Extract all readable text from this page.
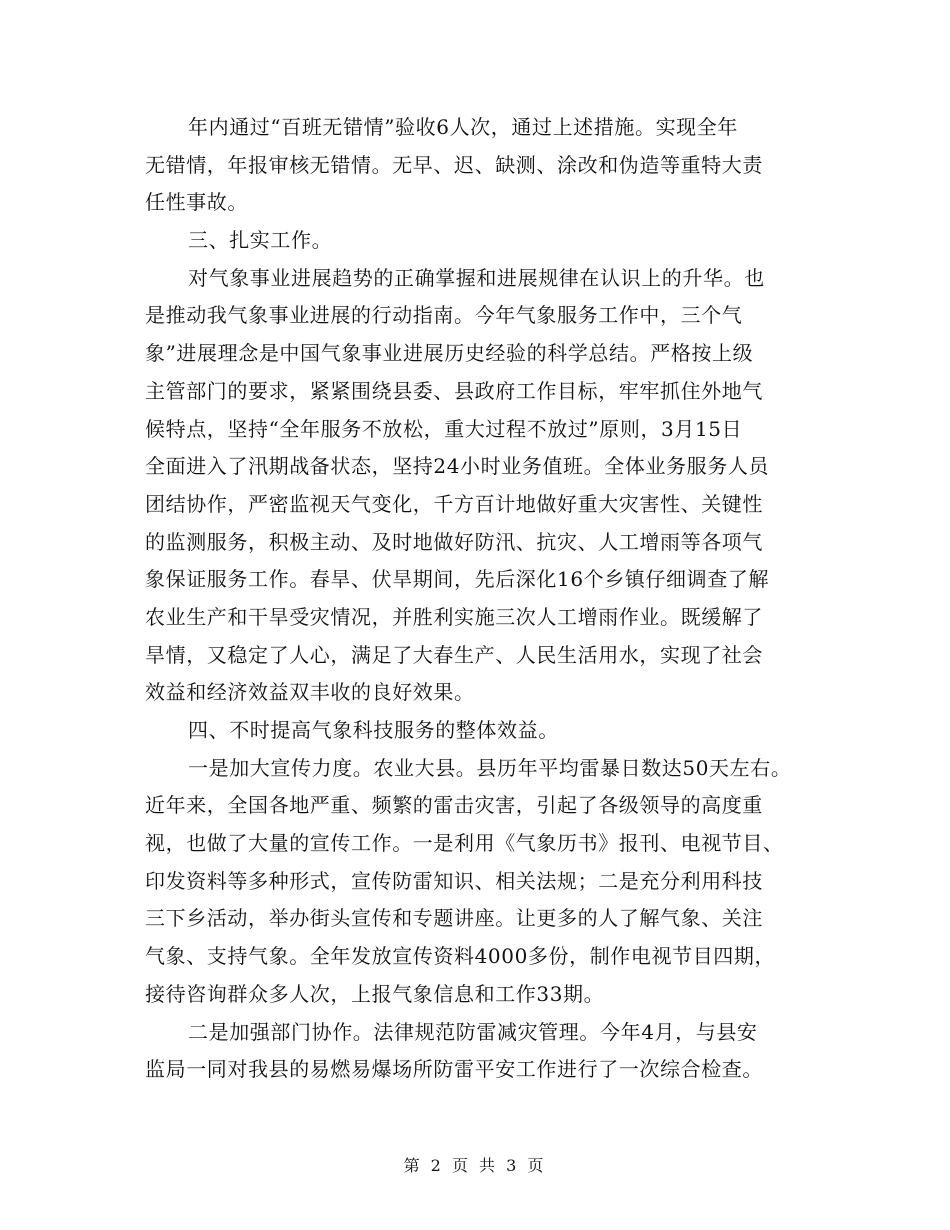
年内通过“百班无错情”验收6人次，通过上述措施。实现全年
无错情，年报审核无错情。无早、迟、缺测、涂改和伪造等重特大责
任性事故。
三、扎实工作。
对气象事业进展趋势的正确掌握和进展规律在认识上的升华。也
是推动我气象事业进展的行动指南。今年气象服务工作中，三个气
象”进展理念是中国气象事业进展历史经验的科学总结。严格按上级
主管部门的要求，紧紧围绕县委、县政府工作目标，牢牢抓住外地气
候特点，坚持“全年服务不放松，重大过程不放过”原则，3月15日
全面进入了汛期战备状态，坚持24小时业务值班。全体业务服务人员
团结协作，严密监视天气变化，千方百计地做好重大灾害性、关键性
的监测服务，积极主动、及时地做好防汛、抗灾、人工增雨等各项气
象保证服务工作。春旱、伏旱期间，先后深化16个乡镇仔细调查了解
农业生产和干旱受灾情况，并胜利实施三次人工增雨作业。既缓解了
旱情，又稳定了人心，满足了大春生产、人民生活用水，实现了社会
效益和经济效益双丰收的良好效果。
四、不时提高气象科技服务的整体效益。
一是加大宣传力度。农业大县。县历年平均雷暴日数达50天左右。
近年来，全国各地严重、频繁的雷击灾害，引起了各级领导的高度重
视，也做了大量的宣传工作。一是利用《气象历书》报刊、电视节目、
印发资料等多种形式，宣传防雷知识、相关法规；二是充分利用科技
三下乡活动，举办街头宣传和专题讲座。让更多的人了解气象、关注
气象、支持气象。全年发放宣传资料4000多份，制作电视节目四期，
接待咨询群众多人次，上报气象信息和工作33期。
二是加强部门协作。法律规范防雷减灾管理。今年4月，与县安
监局一同对我县的易燃易爆场所防雷平安工作进行了一次综合检查。
第 2 页 共 3 页
